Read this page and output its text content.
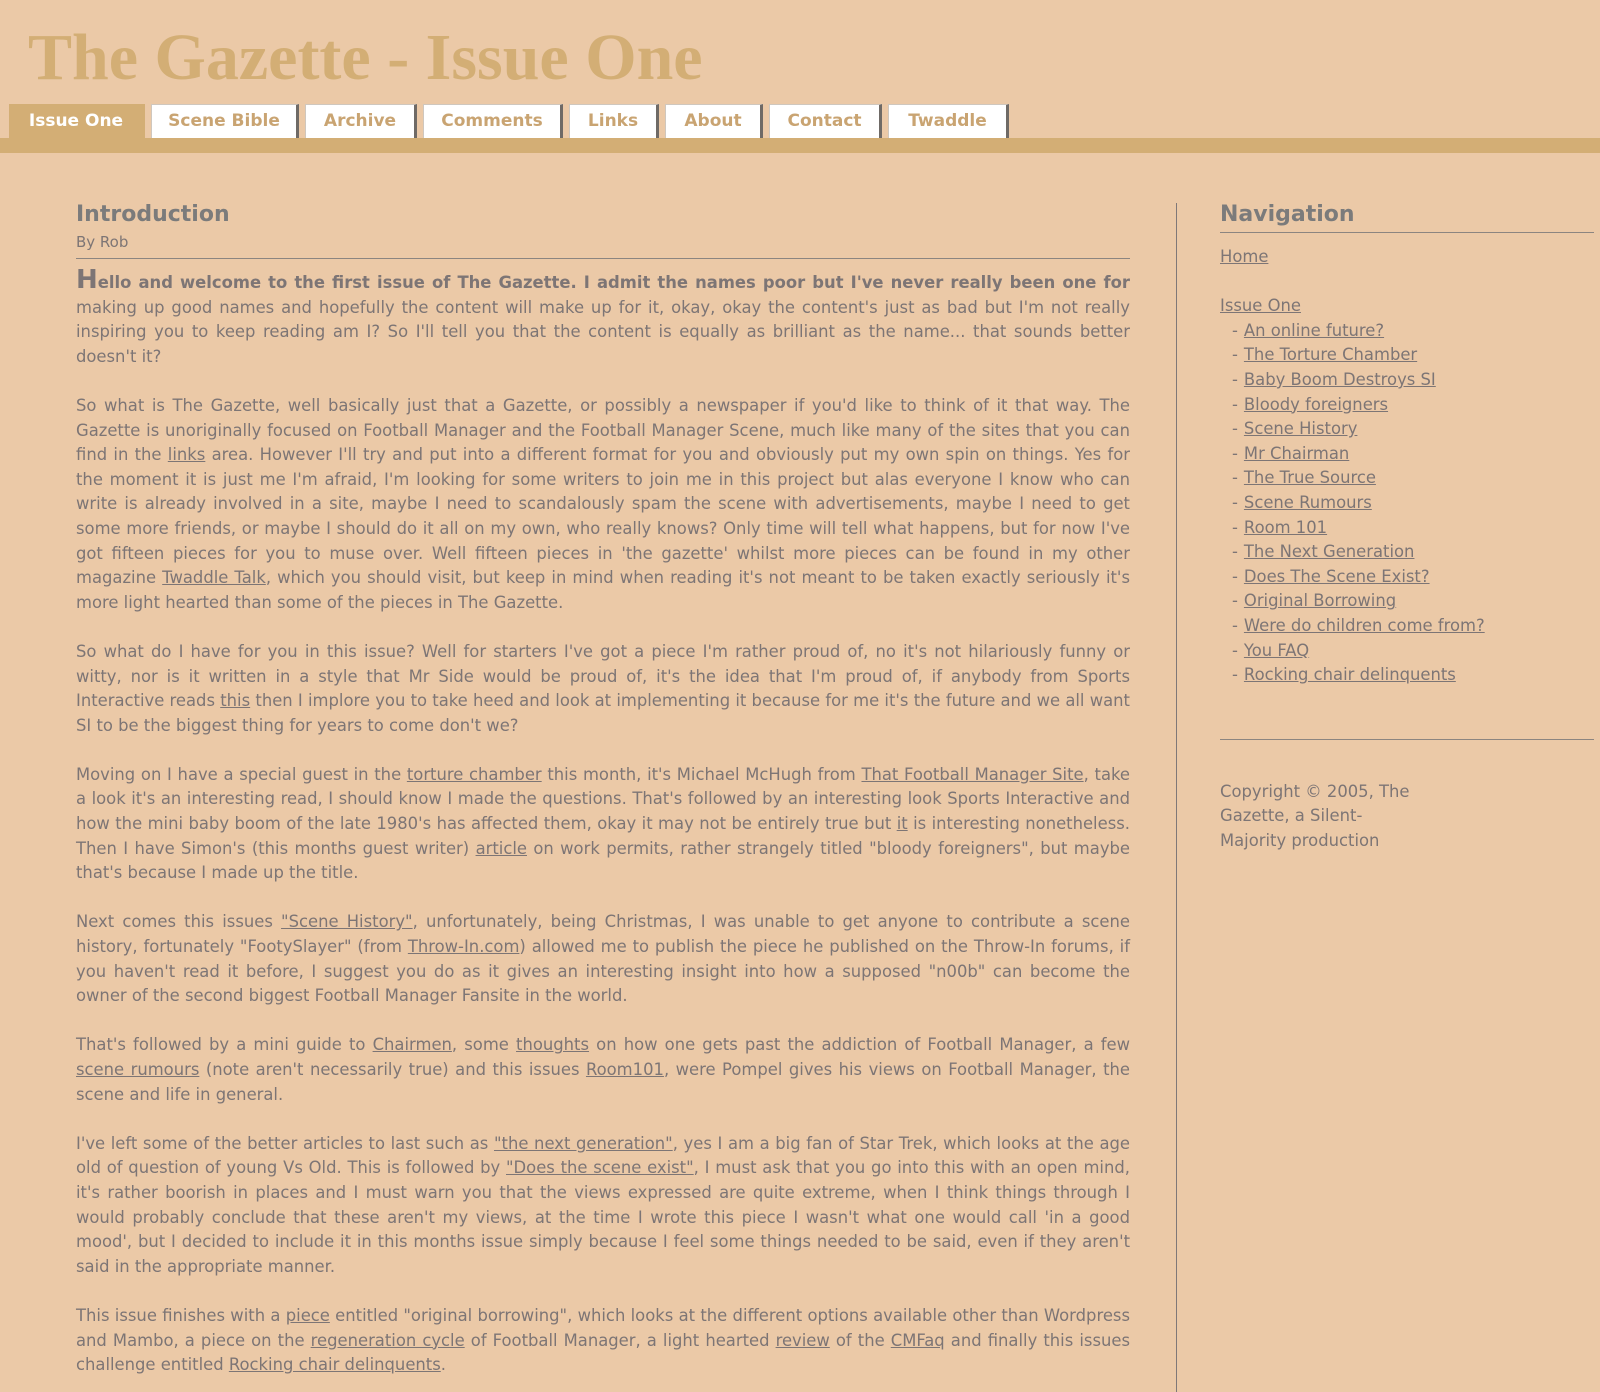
The Gazette - Issue One
Issue One	Scene Bible	Archive	Comments	Links	About	Contact	Twaddle
Introduction
By Rob

Hello and welcome to the first issue of The Gazette. I admit the names poor but I've never really been one for making up good names and hopefully the content will make up for it, okay, okay the content's just as bad but I'm not really inspiring you to keep reading am I? So I'll tell you that the content is equally as brilliant as the name... that sounds better doesn't it?

So what is The Gazette, well basically just that a Gazette, or possibly a newspaper if you'd like to think of it that way. The Gazette is unoriginally focused on Football Manager and the Football Manager Scene, much like many of the sites that you can find in the links area. However I'll try and put into a different format for you and obviously put my own spin on things. Yes for the moment it is just me I'm afraid, I'm looking for some writers to join me in this project but alas everyone I know who can write is already involved in a site, maybe I need to scandalously spam the scene with advertisements, maybe I need to get some more friends, or maybe I should do it all on my own, who really knows? Only time will tell what happens, but for now I've got fifteen pieces for you to muse over. Well fifteen pieces in 'the gazette' whilst more pieces can be found in my other magazine Twaddle Talk, which you should visit, but keep in mind when reading it's not meant to be taken exactly seriously it's more light hearted than some of the pieces in The Gazette.

So what do I have for you in this issue? Well for starters I've got a piece I'm rather proud of, no it's not hilariously funny or witty, nor is it written in a style that Mr Side would be proud of, it's the idea that I'm proud of, if anybody from Sports Interactive reads this then I implore you to take heed and look at implementing it because for me it's the future and we all want SI to be the biggest thing for years to come don't we?

Moving on I have a special guest in the torture chamber this month, it's Michael McHugh from That Football Manager Site, take a look it's an interesting read, I should know I made the questions. That's followed by an interesting look Sports Interactive and how the mini baby boom of the late 1980's has affected them, okay it may not be entirely true but it is interesting nonetheless. Then I have Simon's (this months guest writer) article on work permits, rather strangely titled "bloody foreigners", but maybe that's because I made up the title.

Next comes this issues "Scene History", unfortunately, being Christmas, I was unable to get anyone to contribute a scene history, fortunately "FootySlayer" (from Throw-In.com) allowed me to publish the piece he published on the Throw-In forums, if you haven't read it before, I suggest you do as it gives an interesting insight into how a supposed "n00b" can become the owner of the second biggest Football Manager Fansite in the world.

That's followed by a mini guide to Chairmen, some thoughts on how one gets past the addiction of Football Manager, a few scene rumours (note aren't necessarily true) and this issues Room101, were Pompel gives his views on Football Manager, the scene and life in general.

I've left some of the better articles to last such as "the next generation", yes I am a big fan of Star Trek, which looks at the age old of question of young Vs Old. This is followed by "Does the scene exist", I must ask that you go into this with an open mind, it's rather boorish in places and I must warn you that the views expressed are quite extreme, when I think things through I would probably conclude that these aren't my views, at the time I wrote this piece I wasn't what one would call 'in a good mood', but I decided to include it in this months issue simply because I feel some things needed to be said, even if they aren't said in the appropriate manner.

This issue finishes with a piece entitled "original borrowing", which looks at the different options available other than Wordpress and Mambo, a piece on the regeneration cycle of Football Manager, a light hearted review of the CMFaq and finally this issues challenge entitled Rocking chair delinquents.

Navigation
Home
Issue One
- An online future?
- The Torture Chamber
- Baby Boom Destroys SI
- Bloody foreigners
- Scene History
- Mr Chairman
- The True Source
- Scene Rumours
- Room 101
- The Next Generation
- Does The Scene Exist?
- Original Borrowing
- Were do children come from?
- You FAQ
- Rocking chair delinquents
Copyright © 2005, The Gazette, a Silent-Majority production
